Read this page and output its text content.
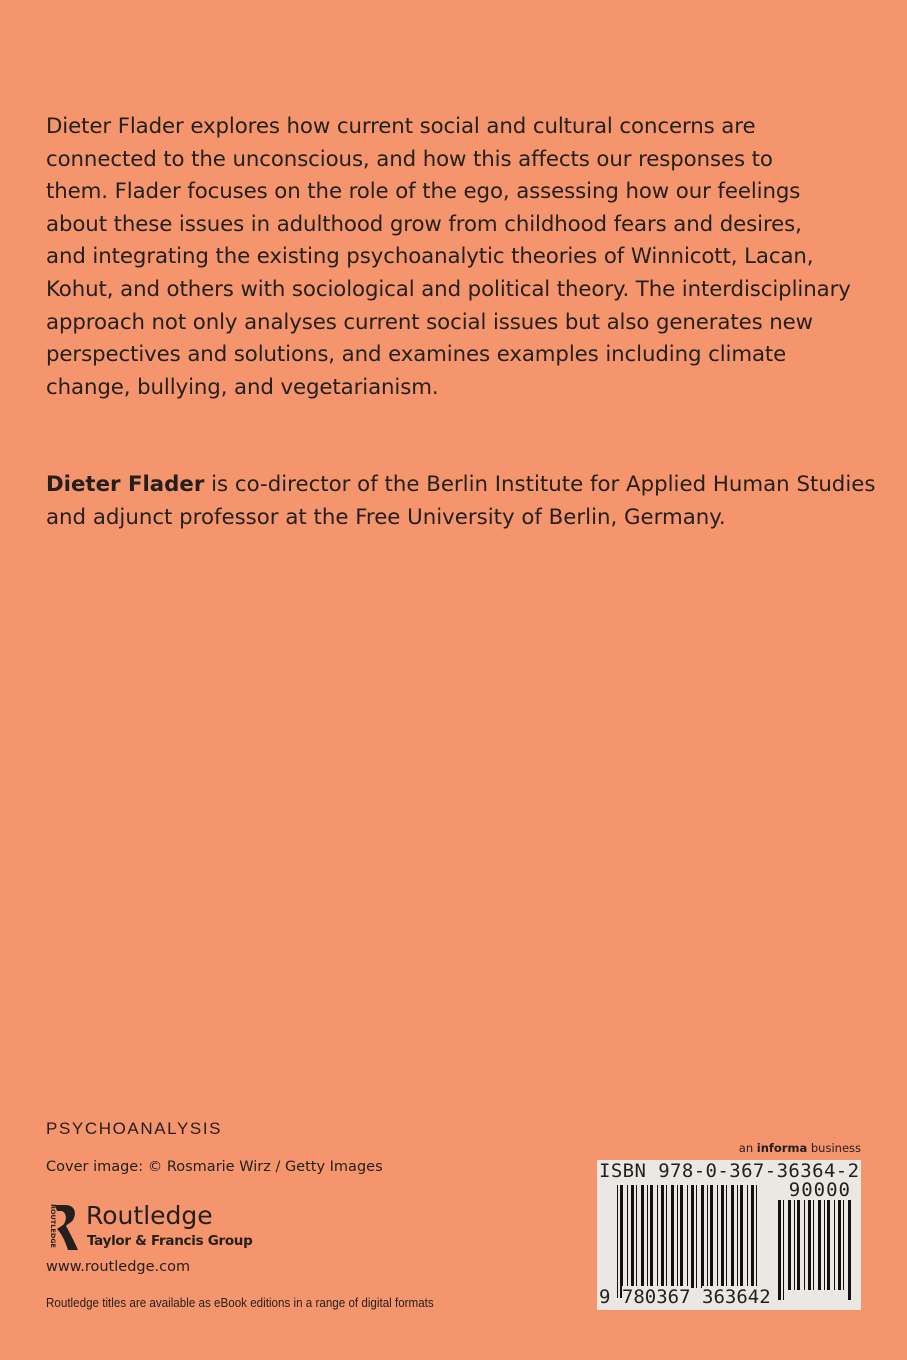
Dieter Flader explores how current social and cultural concerns are
connected to the unconscious, and how this affects our responses to
them. Flader focuses on the role of the ego, assessing how our feelings
about these issues in adulthood grow from childhood fears and desires,
and integrating the existing psychoanalytic theories of Winnicott, Lacan,
Kohut, and others with sociological and political theory. The interdisciplinary
approach not only analyses current social issues but also generates new
perspectives and solutions, and examines examples including climate
change, bullying, and vegetarianism.
Dieter Flader is co-director of the Berlin Institute for Applied Human Studies
and adjunct professor at the Free University of Berlin, Germany.
PSYCHOANALYSIS
Cover image: © Rosmarie Wirz / Getty Images
ROUTLEDGE Routledge
Taylor & Francis Group
www.routledge.com
Routledge titles are available as eBook editions in a range of digital formats
an informa business
ISBN 978-0-367-36364-2
90000
9 780367 363642
